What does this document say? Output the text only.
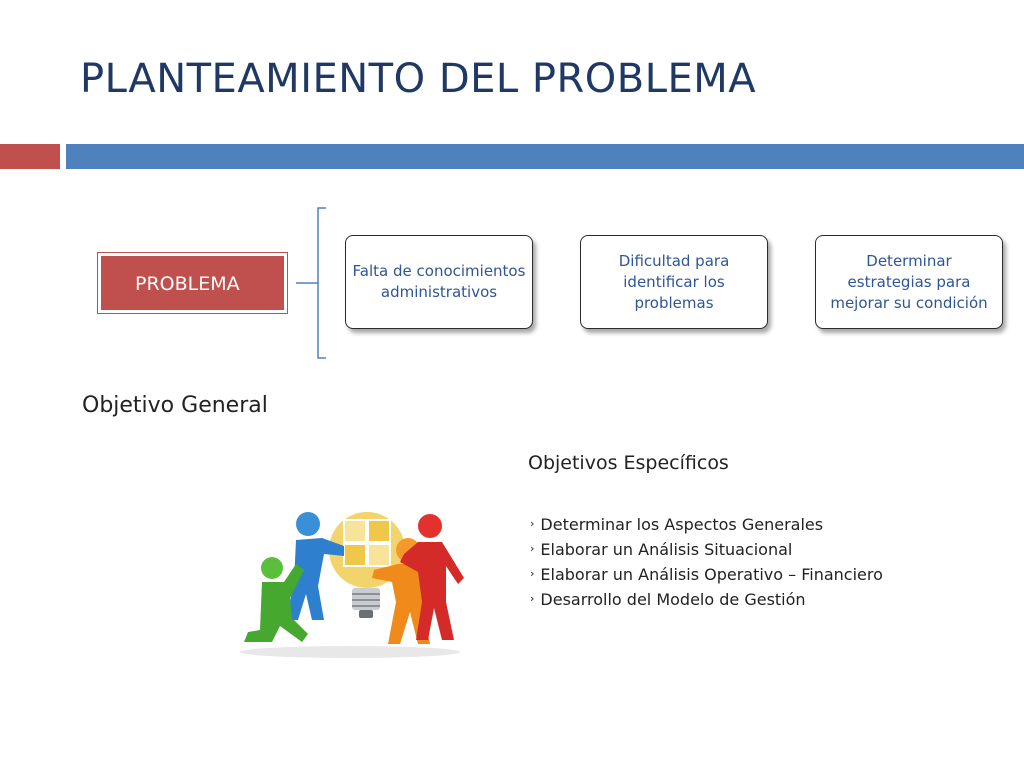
PLANTEAMIENTO DEL PROBLEMA
PROBLEMA
Falta de conocimientos administrativos
Dificultad para identificar los problemas
Determinar estrategias para mejorar su condición
Objetivo General
Objetivos Específicos
› Determinar los Aspectos Generales
› Elaborar un Análisis Situacional
› Elaborar un Análisis Operativo – Financiero
› Desarrollo del Modelo de Gestión
